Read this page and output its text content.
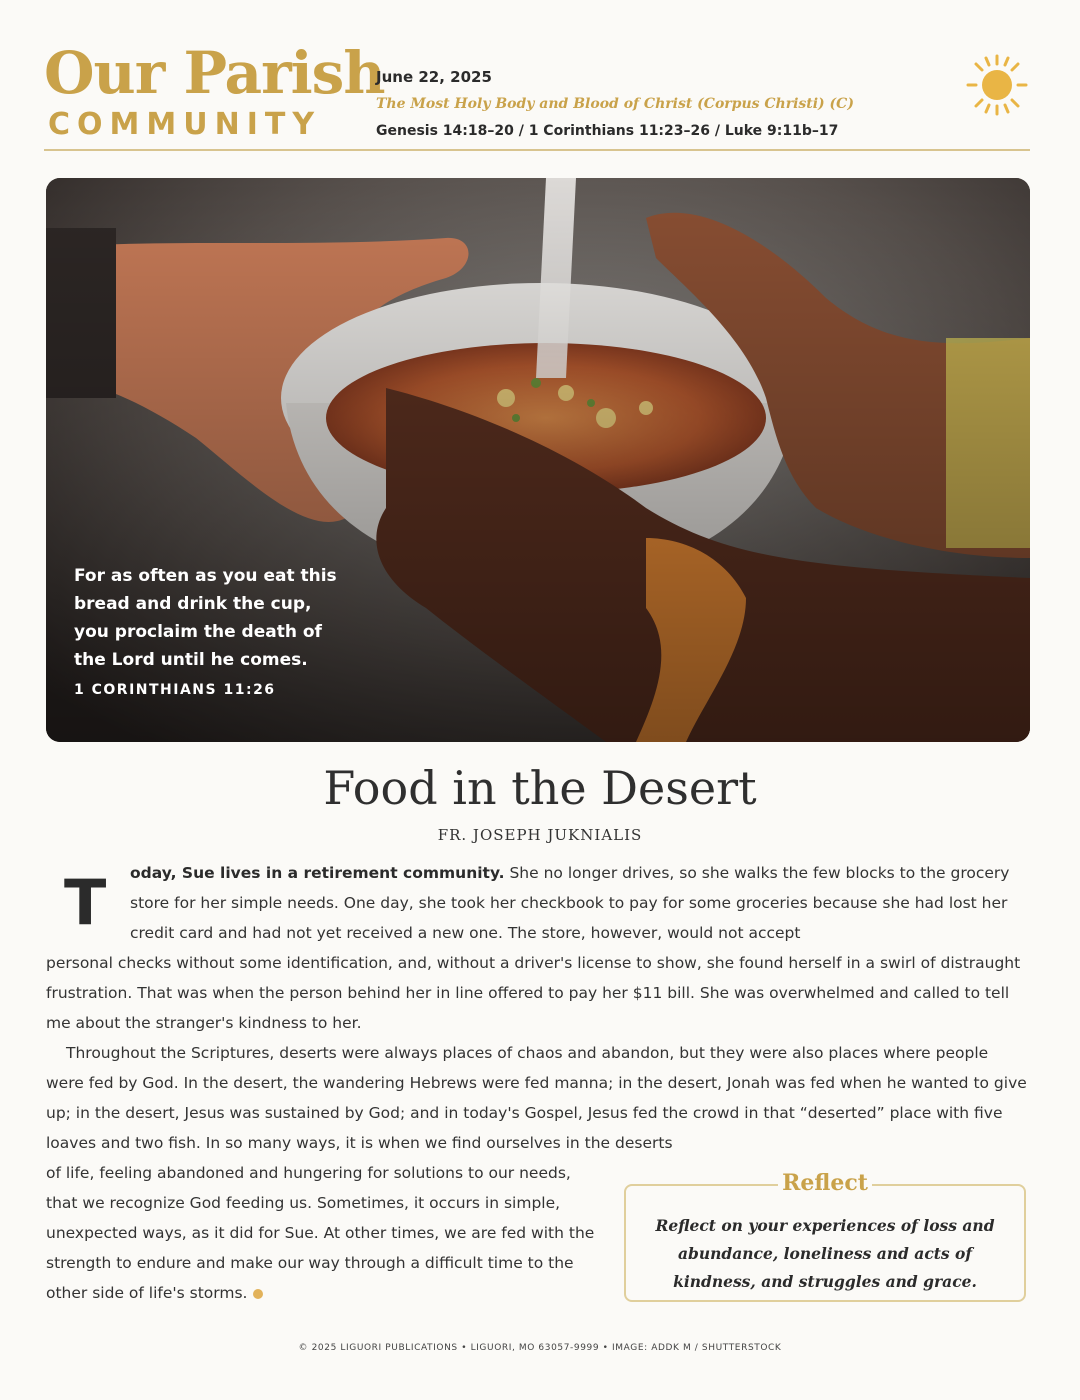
Our Parish
COMMUNITY
June 22, 2025
The Most Holy Body and Blood of Christ (Corpus Christi) (C)
Genesis 14:18–20 / 1 Corinthians 11:23–26 / Luke 9:11b–17
For as often as you eat this
bread and drink the cup,
you proclaim the death of
the Lord until he comes.
1 CORINTHIANS 11:26
Food in the Desert
FR. JOSEPH JUKNIALIS
T oday, Sue lives in a retirement community. She no longer drives, so she walks the few blocks to the grocery store for her simple needs. One day, she took her checkbook to pay for some groceries because she had lost her credit card and had not yet received a new one. The store, however, would not accept
personal checks without some identification, and, without a driver's license to show, she found herself in a swirl of distraught frustration. That was when the person behind her in line offered to pay her $11 bill. She was overwhelmed and called to tell me about the stranger's kindness to her.
Throughout the Scriptures, deserts were always places of chaos and abandon, but they were also places where people were fed by God. In the desert, the wandering Hebrews were fed manna; in the desert, Jonah was fed when he wanted to give up; in the desert, Jesus was sustained by God; and in today's Gospel, Jesus fed the crowd in that “deserted” place with five loaves and two fish. In so many ways, it is when we find ourselves in the deserts
of life, feeling abandoned and hungering for solutions to our needs, that we recognize God feeding us. Sometimes, it occurs in simple, unexpected ways, as it did for Sue. At other times, we are fed with the strength to endure and make our way through a difficult time to the other side of life's storms.
Reflect
Reflect on your experiences of loss and abundance, loneliness and acts of kindness, and struggles and grace.
© 2025 LIGUORI PUBLICATIONS • LIGUORI, MO 63057-9999 • IMAGE: ADDK M / SHUTTERSTOCK
